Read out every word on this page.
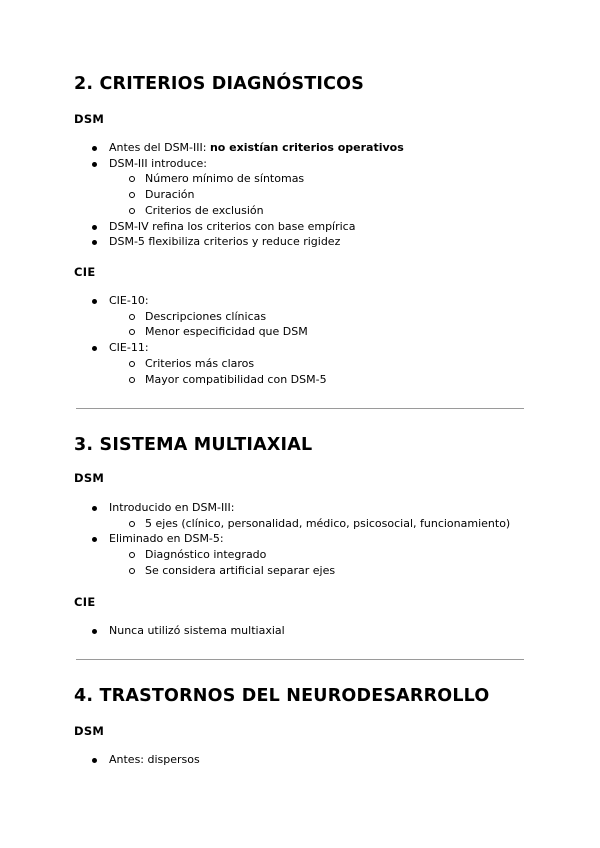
2. CRITERIOS DIAGNÓSTICOS
DSM
Antes del DSM-III: no existían criterios operativos
DSM-III introduce:
Número mínimo de síntomas
Duración
Criterios de exclusión
DSM-IV refina los criterios con base empírica
DSM-5 flexibiliza criterios y reduce rigidez
CIE
CIE-10:
Descripciones clínicas
Menor especificidad que DSM
CIE-11:
Criterios más claros
Mayor compatibilidad con DSM-5
3. SISTEMA MULTIAXIAL
DSM
Introducido en DSM-III:
5 ejes (clínico, personalidad, médico, psicosocial, funcionamiento)
Eliminado en DSM-5:
Diagnóstico integrado
Se considera artificial separar ejes
CIE
Nunca utilizó sistema multiaxial
4. TRASTORNOS DEL NEURODESARROLLO
DSM
Antes: dispersos
